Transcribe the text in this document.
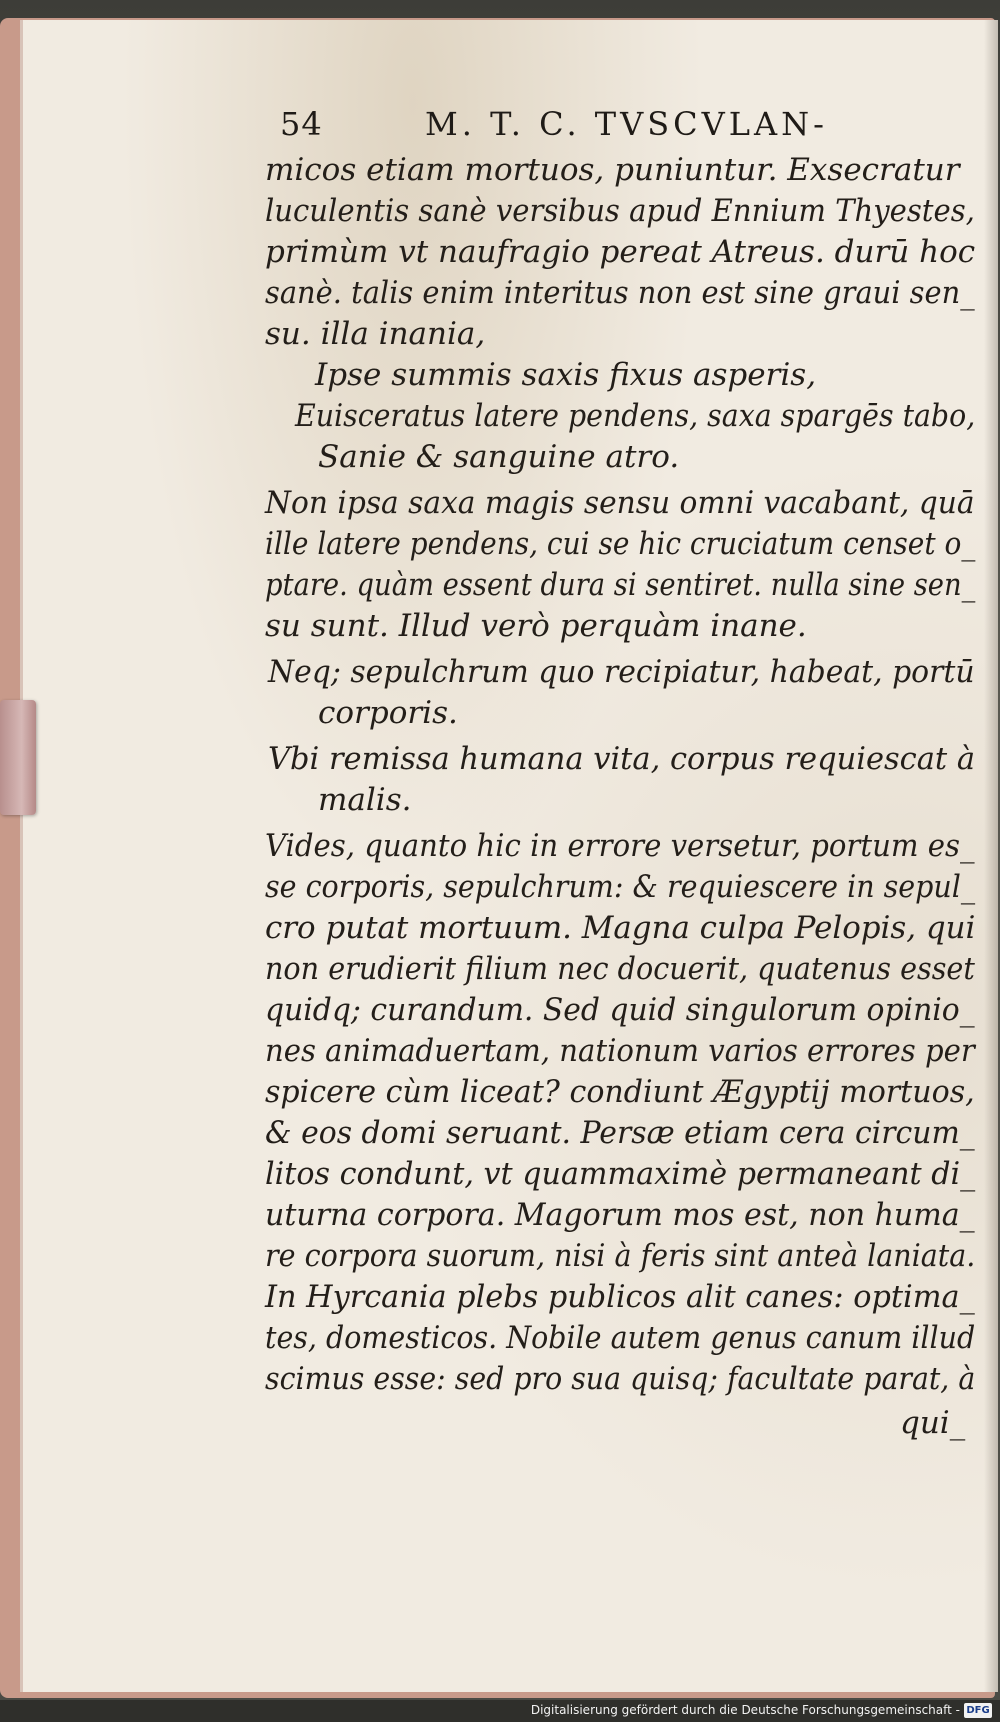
54	M. T. C. TVSCVLAN-
micos etiam mortuos, puniuntur. Exsecratur
luculentis sanè versibus apud Ennium Thyestes,
primùm vt naufragio pereat Atreus. durū hoc
sanè. talis enim interitus non est sine graui sen_
su. illa inania,
Ipse summis saxis fixus asperis,
Euisceratus latere pendens, saxa spargēs tabo,
Sanie & sanguine atro.
Non ipsa saxa magis sensu omni vacabant, quā
ille latere pendens, cui se hic cruciatum censet o_
ptare. quàm essent dura si sentiret. nulla sine sen_
su sunt. Illud verò perquàm inane.
Neq; sepulchrum quo recipiatur, habeat, portū
corporis.
Vbi remissa humana vita, corpus requiescat à
malis.
Vides, quanto hic in errore versetur, portum es_
se corporis, sepulchrum: & requiescere in sepul_
cro putat mortuum. Magna culpa Pelopis, qui
non erudierit filium nec docuerit, quatenus esset
quidq; curandum. Sed quid singulorum opinio_
nes animaduertam, nationum varios errores per
spicere cùm liceat? condiunt Ægyptij mortuos,
& eos domi seruant. Persæ etiam cera circum_
litos condunt, vt quammaximè permaneant di_
uturna corpora. Magorum mos est, non huma_
re corpora suorum, nisi à feris sint anteà laniata.
In Hyrcania plebs publicos alit canes: optima_
tes, domesticos. Nobile autem genus canum illud
scimus esse: sed pro sua quisq; facultate parat, à
qui_
Digitalisierung gefördert durch die Deutsche Forschungsgemeinschaft - DFG
